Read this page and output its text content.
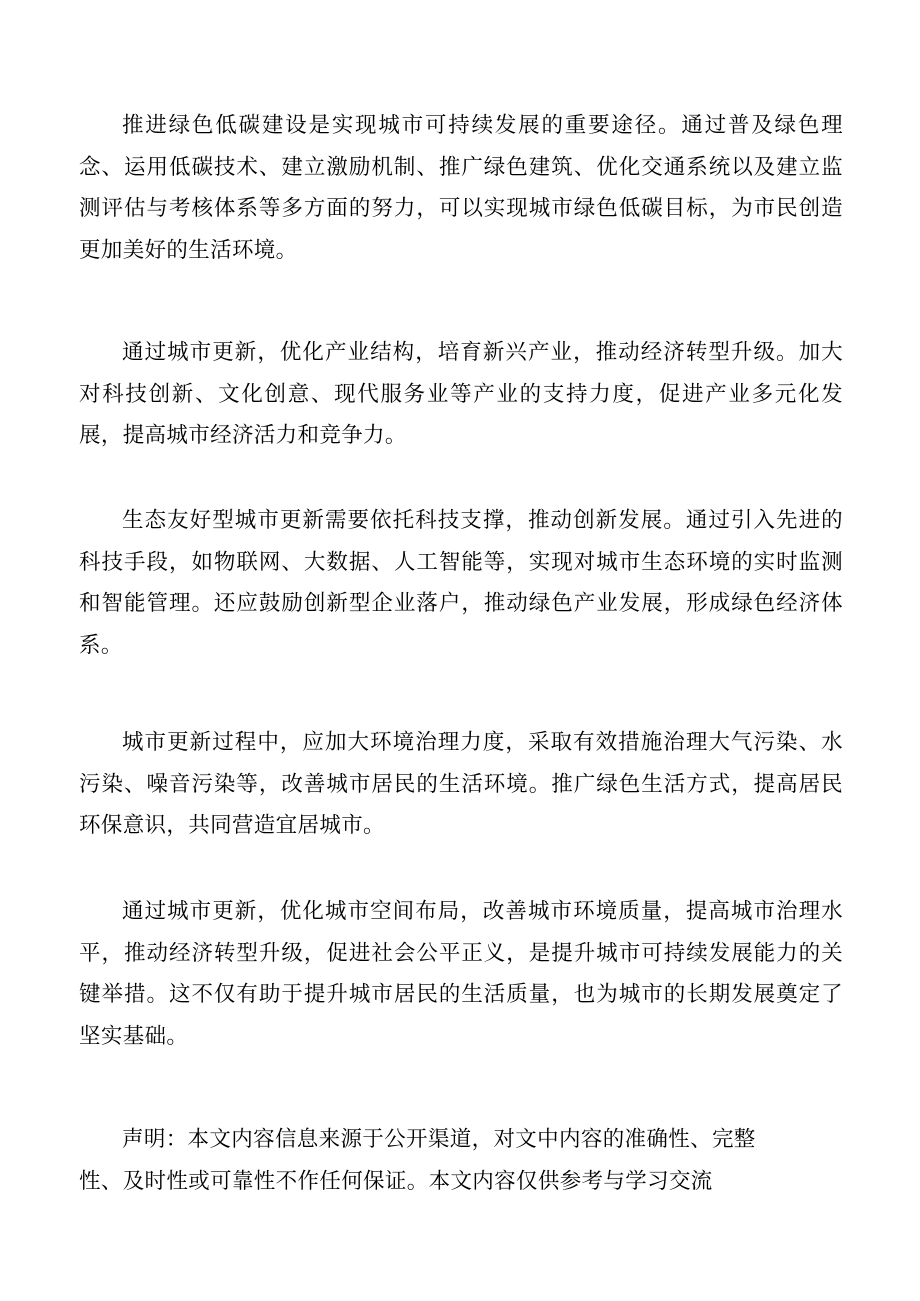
推进绿色低碳建设是实现城市可持续发展的重要途径。通过普及绿色理念、运用低碳技术、建立激励机制、推广绿色建筑、优化交通系统以及建立监测评估与考核体系等多方面的努力，可以实现城市绿色低碳目标，为市民创造更加美好的生活环境。

通过城市更新，优化产业结构，培育新兴产业，推动经济转型升级。加大对科技创新、文化创意、现代服务业等产业的支持力度，促进产业多元化发展，提高城市经济活力和竞争力。

生态友好型城市更新需要依托科技支撑，推动创新发展。通过引入先进的科技手段，如物联网、大数据、人工智能等，实现对城市生态环境的实时监测和智能管理。还应鼓励创新型企业落户，推动绿色产业发展，形成绿色经济体系。

城市更新过程中，应加大环境治理力度，采取有效措施治理大气污染、水污染、噪音污染等，改善城市居民的生活环境。推广绿色生活方式，提高居民环保意识，共同营造宜居城市。

通过城市更新，优化城市空间布局，改善城市环境质量，提高城市治理水平，推动经济转型升级，促进社会公平正义，是提升城市可持续发展能力的关键举措。这不仅有助于提升城市居民的生活质量，也为城市的长期发展奠定了坚实基础。

声明：本文内容信息来源于公开渠道，对文中内容的准确性、完整性、及时性或可靠性不作任何保证。本文内容仅供参考与学习交流
